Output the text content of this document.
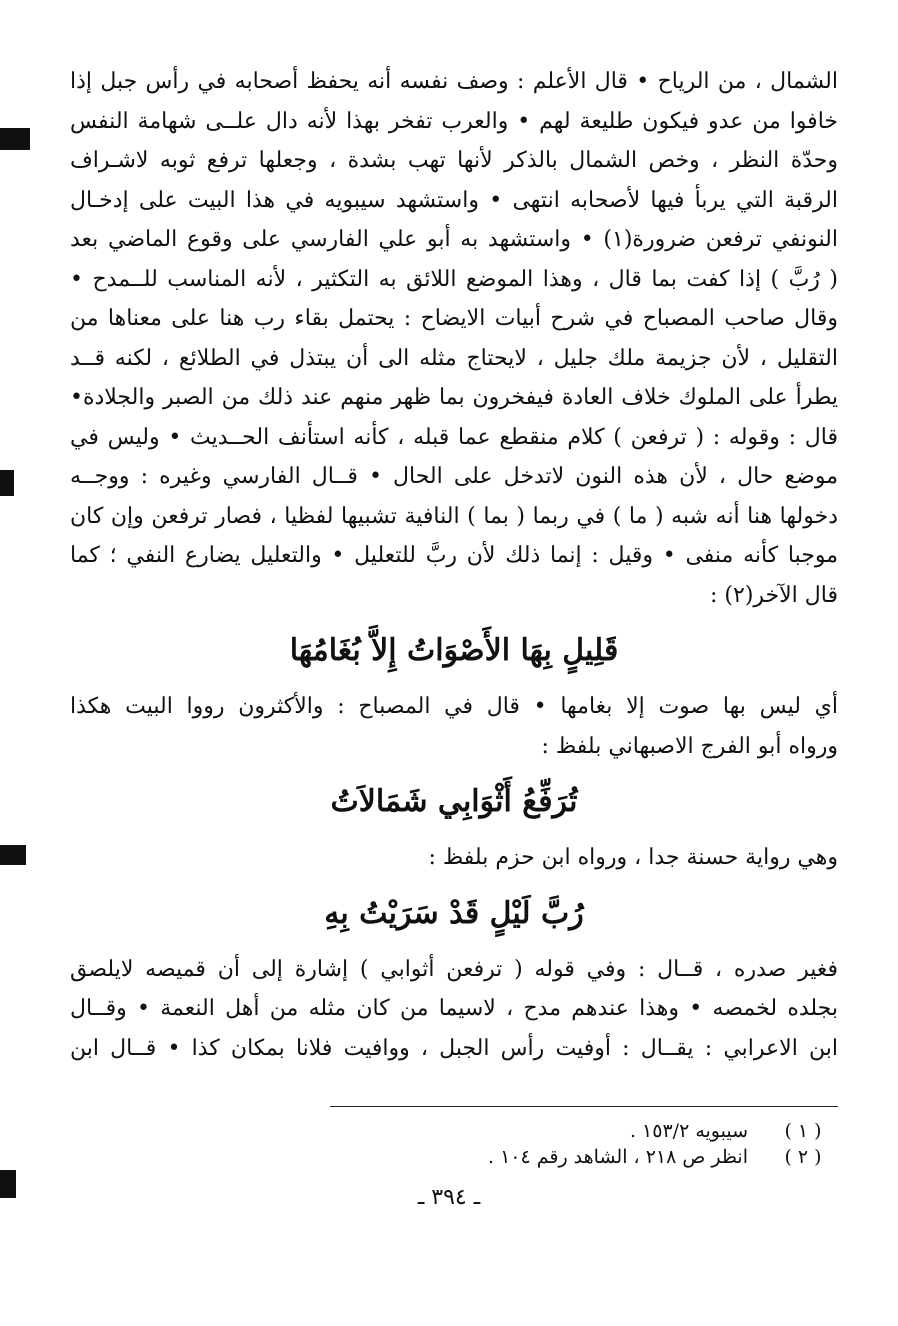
الشمال ، من الرياح • قال الأعلم : وصف نفسه أنه يحفظ أصحابه في رأس جبل إذا
خافوا من عدو فيكون طليعة لهم • والعرب تفخر بهذا لأنه دال علــى شهامة النفس
وحدّة النظر ، وخص الشمال بالذكر لأنها تهب بشدة ، وجعلها ترفع ثوبه لاشـراف
الرقبة التي يربأ فيها لأصحابه انتهى • واستشهد سيبويه في هذا البيت على إدخـال
النونفي ترفعن ضرورة(١) • واستشهد به أبو علي الفارسي على وقوع الماضي بعد
( رُبَّ ) إذا كفت بما قال ، وهذا الموضع اللائق به التكثير ، لأنه المناسب للــمدح •
وقال صاحب المصباح في شرح أبيات الايضاح : يحتمل بقاء رب هنا على معناها من
التقليل ، لأن جزيمة ملك جليل ، لايحتاج مثله الى أن يبتذل في الطلائع ، لكنه قــد
يطرأ على الملوك خلاف العادة فيفخرون بما ظهر منهم عند ذلك من الصبر والجلادة•
قال : وقوله : ( ترفعن ) كلام منقطع عما قبله ، كأنه استأنف الحــديث • وليس في
موضع حال ، لأن هذه النون لاتدخل على الحال • قــال الفارسي وغيره : ووجــه
دخولها هنا أنه شبه ( ما ) في ربما ( بما ) النافية تشبيها لفظيا ، فصار ترفعن وإن كان
موجبا كأنه منفى • وقيل : إنما ذلك لأن ربَّ للتعليل • والتعليل يضارع النفي ؛ كما
قال الآخر(٢) :
قَلِيلٍ بِهَا الأَصْوَاتُ إِلاَّ بُغَامُهَا
أي ليس بها صوت إلا بغامها • قال في المصباح : والأكثرون رووا البيت هكذا
ورواه أبو الفرج الاصبهاني بلفظ :
تُرَفِّعُ أَثْوَابِي شَمَالاَتُ
وهي رواية حسنة جدا ، ورواه ابن حزم بلفظ :
رُبَّ لَيْلٍ قَدْ سَرَيْتُ بِهِ
فغير صدره ، قــال : وفي قوله ( ترفعن أثوابي ) إشارة إلى أن قميصه لايلصق
بجلده لخمصه • وهذا عندهم مدح ، لاسيما من كان مثله من أهل النعمة • وقــال
ابن الاعرابي : يقــال : أوفيت رأس الجبل ، ووافيت فلانا بمكان كذا • قــال ابن
( ١ )
سيبويه ١٥٣/٢ .
( ٢ )
انظر ص ٢١٨ ، الشاهد رقم ١٠٤ .
ـ ٣٩٤ ـ
